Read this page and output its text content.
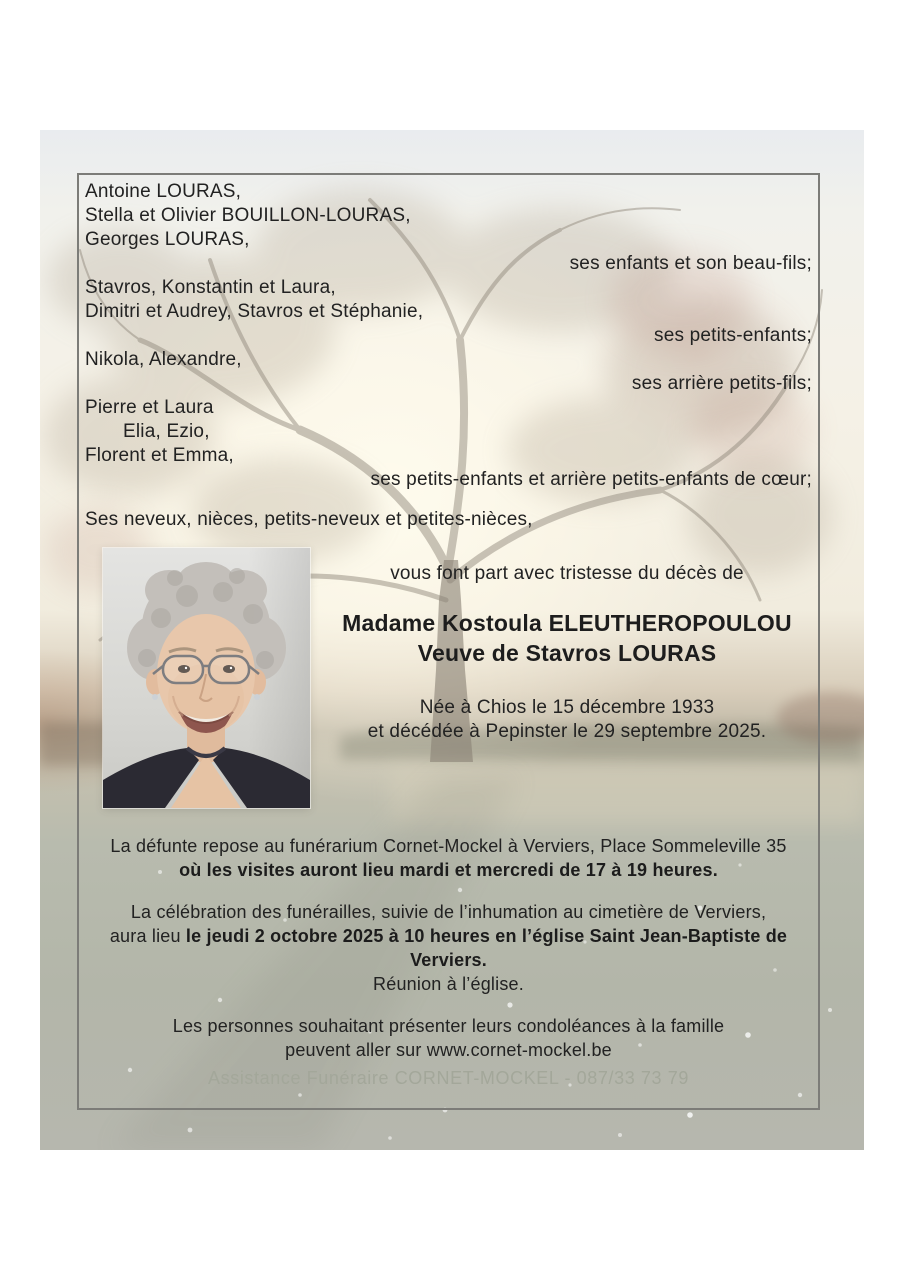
Antoine LOURAS,
Stella et Olivier BOUILLON-LOURAS,
Georges LOURAS,
ses enfants et son beau-fils;
Stavros, Konstantin et Laura,
Dimitri et Audrey, Stavros et Stéphanie,
ses petits-enfants;
Nikola, Alexandre,
ses arrière petits-fils;
Pierre et Laura
Elia, Ezio,
Florent et Emma,
ses petits-enfants et arrière petits-enfants de cœur;
Ses neveux, nièces, petits-neveux et petites-nièces,
vous font part avec tristesse du décès de
Madame Kostoula ELEUTHEROPOULOU
Veuve de Stavros LOURAS
Née à Chios le 15 décembre 1933
et décédée à Pepinster le 29 septembre 2025.
La défunte repose au funérarium Cornet-Mockel à Verviers, Place Sommeleville 35
où les visites auront lieu mardi et mercredi de 17 à 19 heures.
La célébration des funérailles, suivie de l’inhumation au cimetière de Verviers,
aura lieu le jeudi 2 octobre 2025 à 10 heures en l’église Saint Jean-Baptiste de
Verviers.
Réunion à l’église.
Les personnes souhaitant présenter leurs condoléances à la famille
peuvent aller sur www.cornet-mockel.be
Assistance Funéraire CORNET-MOCKEL - 087/33 73 79
